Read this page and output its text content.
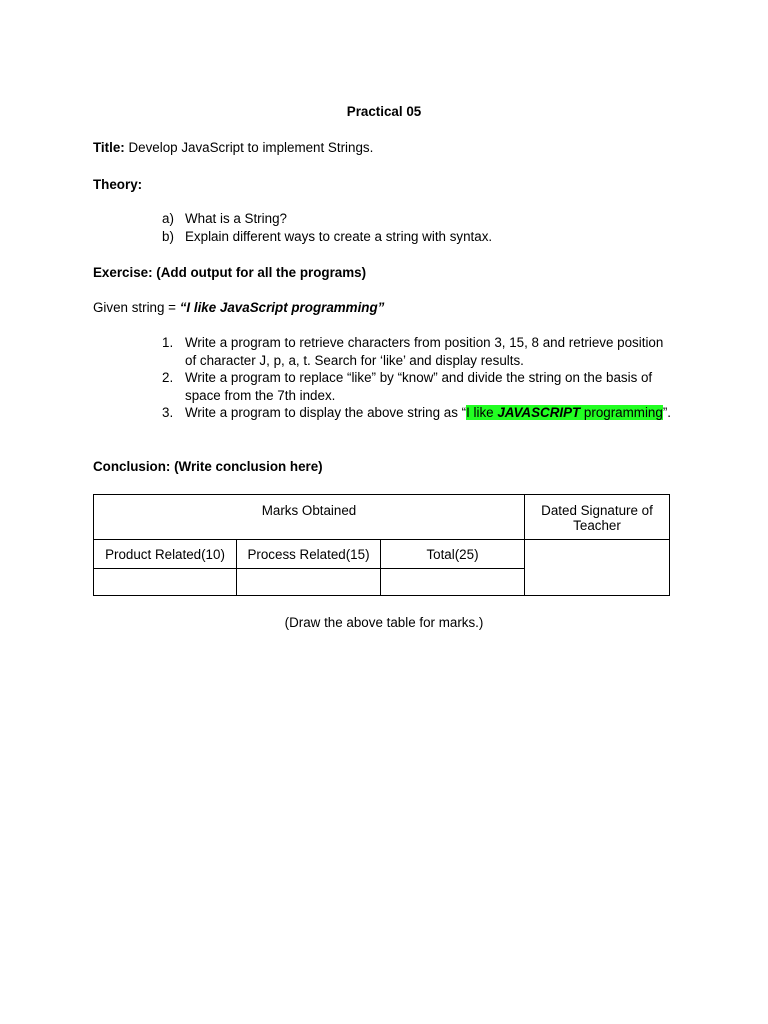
Practical 05
Title: Develop JavaScript to implement Strings.
Theory:
a) What is a String?
b) Explain different ways to create a string with syntax.
Exercise: (Add output for all the programs)
Given string = “I like JavaScript programming”
1. Write a program to retrieve characters from position 3, 15, 8 and retrieve position of character J, p, a, t. Search for ‘like’ and display results.
2. Write a program to replace “like” by “know” and divide the string on the basis of space from the 7th index.
3. Write a program to display the above string as “I like JAVASCRIPT programming”.
Conclusion: (Write conclusion here)
Marks Obtained			Dated Signature of Teacher
Product Related(10)	Process Related(15)	Total(25)	

(Draw the above table for marks.)
